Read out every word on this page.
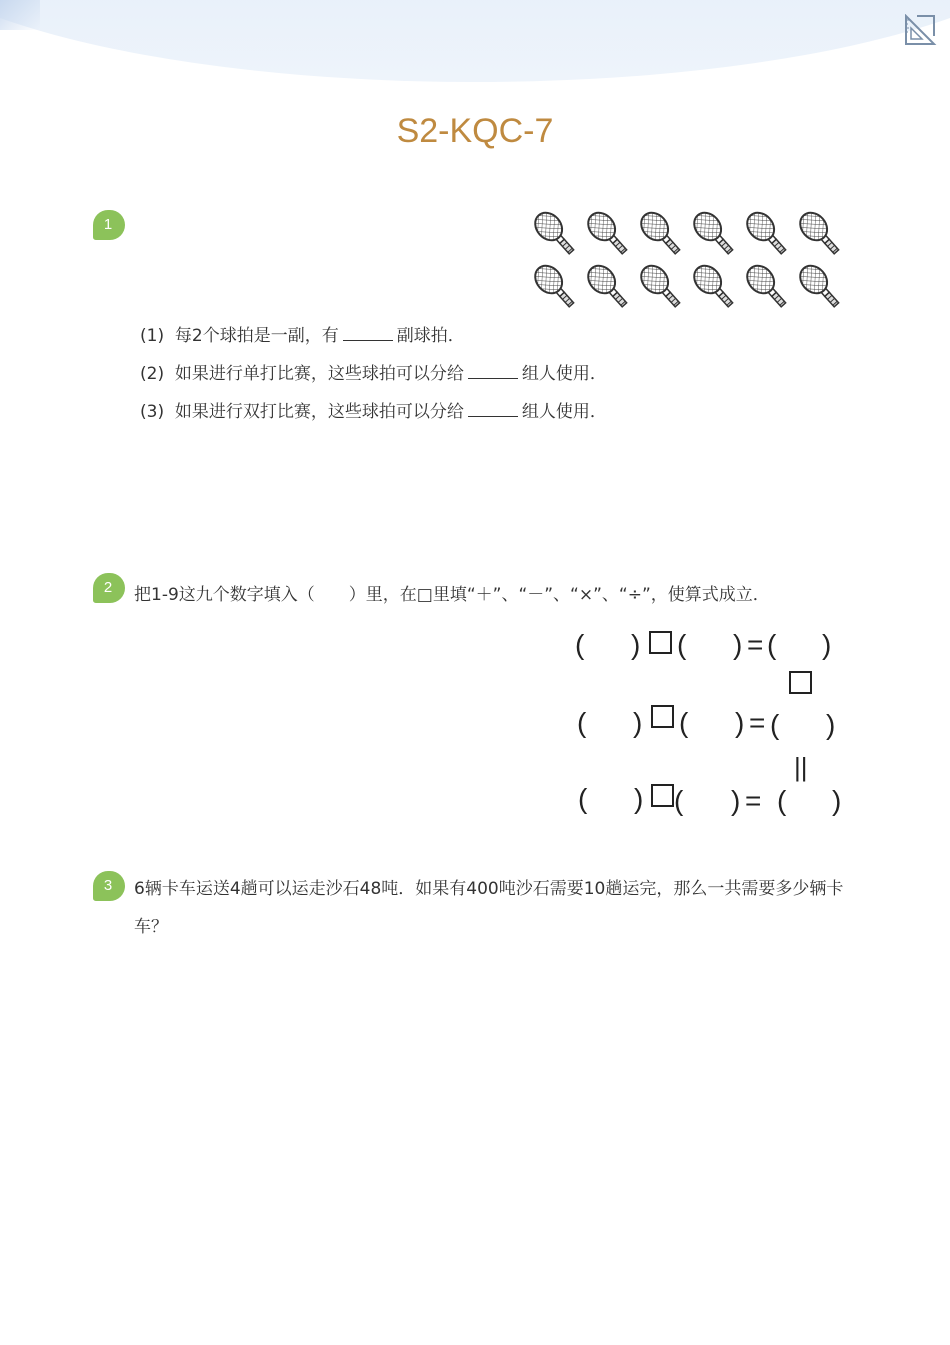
S2-KQC-7
1
(1) 每2个球拍是一副，有	副球拍．
(2) 如果进行单打比赛，这些球拍可以分给	组人使用．
(3) 如果进行双打比赛，这些球拍可以分给	组人使用．
2	把1-9这九个数字填入（　　）里，在□里填“＋”、“－”、“×”、“÷”，使算式成立．
( ) ( ) = ( )
( ) ( ) = ( )
||
( ) ( ) = ( )
3	6辆卡车运送4趟可以运走沙石48吨．如果有400吨沙石需要10趟运完，那么一共需要多少辆卡车？
